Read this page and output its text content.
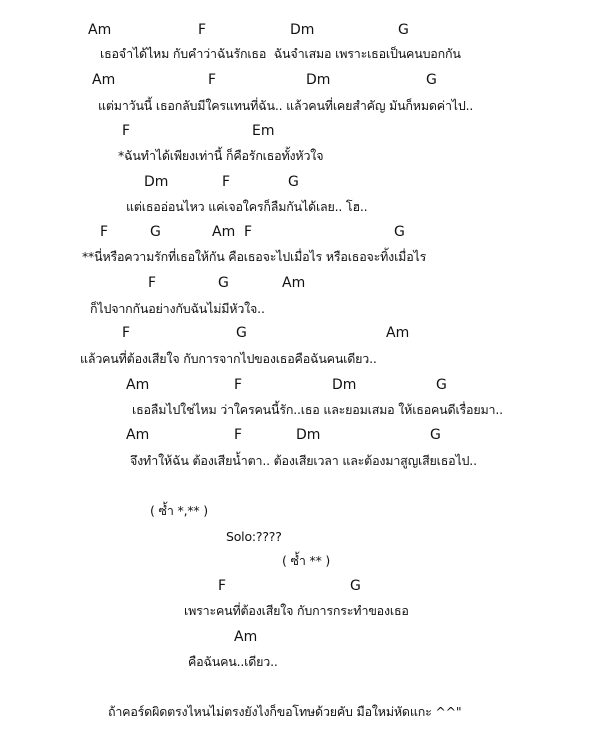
Am	F	Dm	G
เธอจำได้ไหม กับคำว่าฉันรักเธอ  ฉันจำเสมอ เพราะเธอเป็นคนบอกกัน
Am	F	Dm	G
แต่มาวันนี้ เธอกลับมีใครแทนที่ฉัน.. แล้วคนที่เคยสำคัญ มันก็หมดค่าไป..
F	Em
*ฉันทำได้เพียงเท่านี้ ก็คือรักเธอทั้งหัวใจ
Dm	F	G
แต่เธออ่อนไหว แค่เจอใครก็ลืมกันได้เลย.. โฮ..
F	G	Am F	G
**นี่หรือความรักที่เธอให้กัน คือเธอจะไปเมื่อไร หรือเธอจะทิ้งเมื่อไร
F	G	Am
ก็ไปจากกันอย่างกับฉันไม่มีหัวใจ..
F	G	Am
แล้วคนที่ต้องเสียใจ กับการจากไปของเธอคือฉันคนเดียว..
Am	F	Dm	G
เธอลืมไปใช่ไหม ว่าใครคนนี้รัก..เธอ และยอมเสมอ ให้เธอคนดีเรื่อยมา..
Am	F	Dm	G
จึงทำให้ฉัน ต้องเสียน้ำตา.. ต้องเสียเวลา และต้องมาสูญเสียเธอไป..
( ซ้ำ *,** )
Solo:????
( ซ้ำ ** )
F	G
เพราะคนที่ต้องเสียใจ กับการกระทำของเธอ
Am
คือฉันคน..เดียว..
ถ้าคอร์ดผิดตรงไหนไม่ตรงยังไงก็ขอโทษด้วยคับ มือใหม่หัดแกะ ^^"
